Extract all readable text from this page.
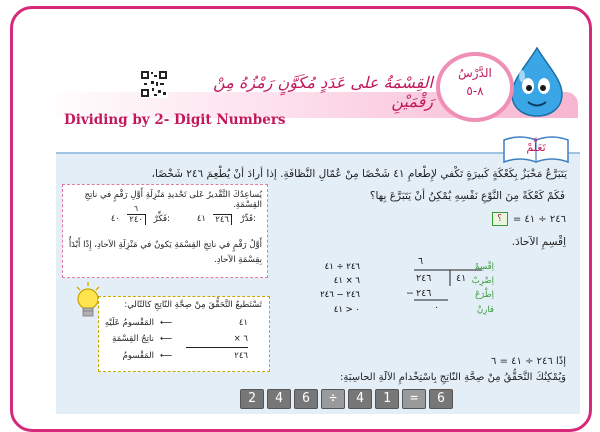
الدَّرْسُ
٨-٥
القِسْمَةُ على عَدَدٍ مُكَوَّنٍ رَمْزُهُ مِنْ رَقْمَيْنِ
Dividing by 2- Digit Numbers
تَعَلَّمْ
يَتَبَرَّعُ مَخْبَزٌ بِكَعْكَةٍ كَبيرَةٍ تَكْفي لإِطْعامِ ٤١ شَخْصًا مِنْ عُمّالِ النَّظافَةِ. إذا أرادَ أنْ يُطْعِمَ ٢٤٦ شَخْصًا،
فَكَمْ كَعْكَةً مِنَ النَّوْعِ نَفْسِهِ يُمْكِنُ أنْ يَتَبَرَّعَ بِها؟
٢٤٦ ÷ ٤١ = ؟
اِقْسِمِ الآحادَ.
٦
٢٤٦	٤١
٢٤٦
−
٠
اِقْسِمْ
٢٤٦ ÷ ٤١
اِضْرِبْ
٦ × ٤١
اِطْرَحْ
٢٤٦ − ٢٤٦
قارِنْ
٠ < ٤١
إذًا ٢٤٦ ÷ ٤١ = ٦
وَيُمْكِنُكَ التَّحَقُّقُ مِنْ صِحَّةِ النّاتِجِ بِاسْتِخْدامِ الآلَةِ الحاسِبَةِ:
2 4 6 ÷ 4 1 = 6
يُساعِدُكَ التَّقْديرُ عَلى تَحْديدِ مَنْزِلَةِ أَوَّلِ رَقْمٍ في ناتِجِ القِسْمَةِ.
قَدِّرْ:
٢٤٦
٤١
فَكِّرْ:
٦
٢٤٠
٤٠
أَوَّلُ رَقْمٍ في ناتِجِ القِسْمَةِ يَكونُ في مَنْزِلَةِ الآحادِ، إِذًا أَبْدَأُ بِقِسْمَةِ الآحادِ.
تَسْتَطيعُ التَّحَقُّقَ مِنْ صِحَّةِ النّاتِجِ كالتّالي:
المَقْسومُ عَلَيْهِ ⟵	٤١
ناتِجُ القِسْمَةِ ⟵	٦ ×
المَقْسومُ ⟵	٢٤٦
